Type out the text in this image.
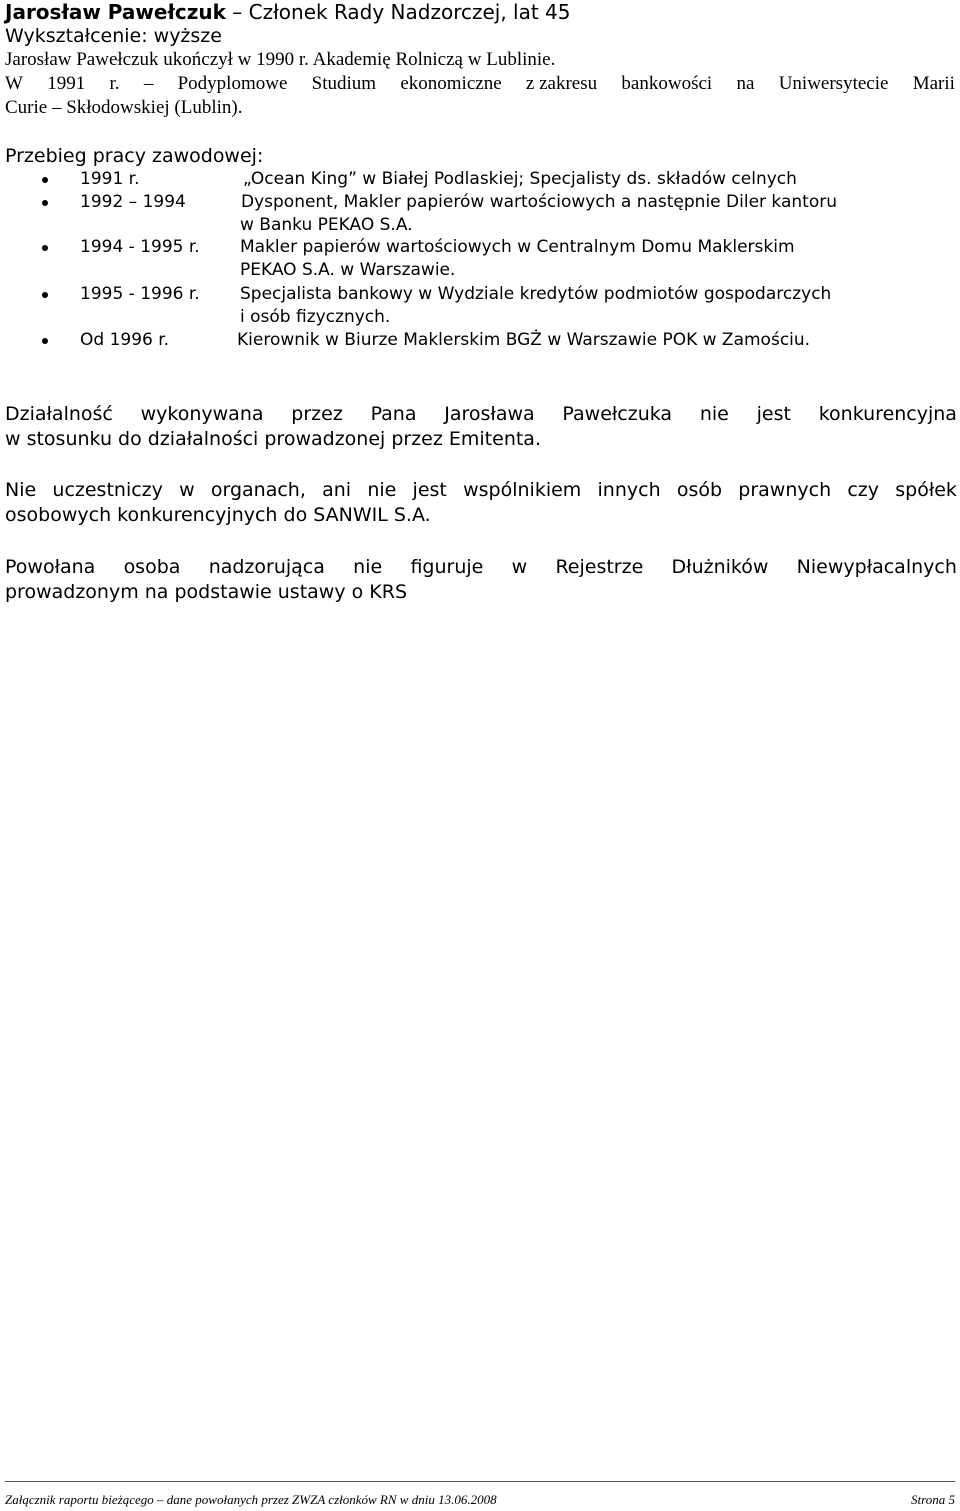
Jarosław Pawełczuk – Członek Rady Nadzorczej, lat 45
Wykształcenie: wyższe
Jarosław Pawełczuk ukończył w 1990 r. Akademię Rolniczą w Lublinie.
W 1991 r. – Podyplomowe Studium ekonomiczne z zakresu bankowości na Uniwersytecie Marii
Curie – Skłodowskiej (Lublin).
Przebieg pracy zawodowej:
1991 r.	„Ocean King” w Białej Podlaskiej; Specjalisty ds. składów celnych
1992 – 1994	Dysponent, Makler papierów wartościowych a następnie Diler kantoru
w Banku PEKAO S.A.
1994 - 1995 r. Makler papierów wartościowych w Centralnym Domu Maklerskim
PEKAO S.A. w Warszawie.
1995 - 1996 r. Specjalista bankowy w Wydziale kredytów podmiotów gospodarczych
i osób fizycznych.
Od 1996 r.	Kierownik w Biurze Maklerskim BGŻ w Warszawie POK w Zamościu.
Działalność wykonywana przez Pana Jarosława Pawełczuka nie jest konkurencyjna
w stosunku do działalności prowadzonej przez Emitenta.
Nie uczestniczy w organach, ani nie jest wspólnikiem innych osób prawnych czy spółek
osobowych konkurencyjnych do SANWIL S.A.
Powołana osoba nadzorująca nie figuruje w Rejestrze Dłużników Niewypłacalnych
prowadzonym na podstawie ustawy o KRS
Załącznik raportu bieżącego – dane powołanych przez ZWZA członków RN w dniu 13.06.2008	Strona 5
